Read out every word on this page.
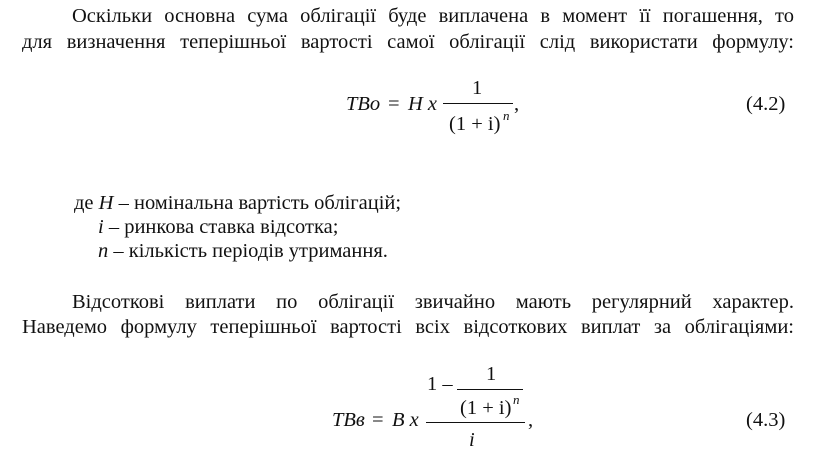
Оскільки основна сума облігації буде виплачена в момент її погашення, то
для визначення теперішньої вартості самої облігації слід використати формулу:
ТВо = Н х
1
(1 + i) n
,	(4.2)
де Н – номінальна вартість облігацій;
і – ринкова ставка відсотка;
п – кількість періодів утримання.
Відсоткові виплати по облігації звичайно мають регулярний характер.
Наведемо формулу теперішньої вартості всіх відсоткових виплат за облігаціями:
ТВв = В х
1 – 1
(1 + i) n
i
,	(4.3)
